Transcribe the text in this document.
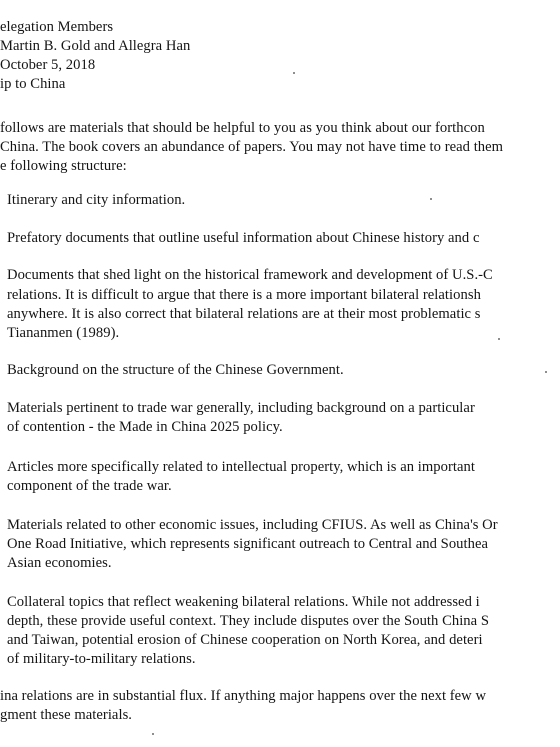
elegation Members
Martin B. Gold and Allegra Han
October 5, 2018
ip to China
follows are materials that should be helpful to you as you think about our forthcon
China. The book covers an abundance of papers. You may not have time to read them
e following structure:
Itinerary and city information.
Prefatory documents that outline useful information about Chinese history and c
Documents that shed light on the historical framework and development of U.S.-C
relations. It is difficult to argue that there is a more important bilateral relationsh
anywhere. It is also correct that bilateral relations are at their most problematic s
Tiananmen (1989).
Background on the structure of the Chinese Government.
Materials pertinent to trade war generally, including background on a particular
of contention - the Made in China 2025 policy.
Articles more specifically related to intellectual property, which is an important
component of the trade war.
Materials related to other economic issues, including CFIUS. As well as China's Or
One Road Initiative, which represents significant outreach to Central and Southea
Asian economies.
Collateral topics that reflect weakening bilateral relations. While not addressed i
depth, these provide useful context. They include disputes over the South China S
and Taiwan, potential erosion of Chinese cooperation on North Korea, and deteri
of military-to-military relations.
ina relations are in substantial flux. If anything major happens over the next few w
gment these materials.
